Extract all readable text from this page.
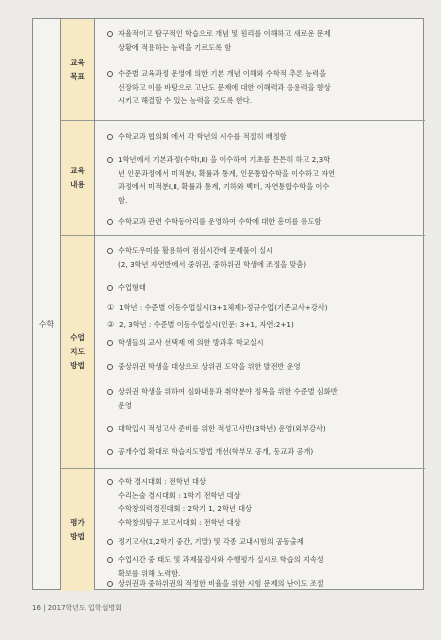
수학
교육
목표
교육
내용
수업
지도
방법
평가
방법
자율적이고 탐구적인 학습으로 개념 및 원리를 이해하고 새로운 문제
상황에 적용하는 능력을 기르도록 함
수준별 교육과정 운영에 의한 기본 개념 이해와 수학적 추론 능력을
신장하고 이를 바탕으로 고난도 문제에 대한 이해력과 응용력을 향상
시키고 해결할 수 있는 능력을 갖도록 한다.
수학교과 협의회 에서 각 학년의 시수를 적절히 배정함
1학년에서 기본과정(수학Ⅰ,Ⅱ) 을 이수하여 기초를 튼튼히 하고 2,3학
년 인문과정에서 미적분Ⅰ, 확률과 통계, 인문통합수학을 이수하고 자연
과정에서 미적분Ⅰ,Ⅱ, 확률과 통계, 기하와 벡터, 자연통합수학을 이수
함.
수학교과 관련 수학동아리를 운영하여 수학에 대한 흥미를 유도함
수학도우미를 활용하여 점심시간에 문제풀이 실시
(2, 3학년 자연반에서 중위권, 중하위권 학생에 조정을 맞춤)
수업형태
① 1학년 : 수준별 이동수업실시(3+1체제)-정규수업(기존교사+강사)
② 2, 3학년 : 수준별 이동수업실시(인문: 3+1, 자연:2+1)
학생들의 교사 선택제 에 의한 방과후 학교실시
중상위권 학생을 대상으로 상위권 도약을 위한 발전반 운영
상위권 학생을 위하여 심화내용과 취약분야 정복을 위한 수준별 심화반
운영
대학입시 적성고사 준비를 위한 적성고사반(3학년) 운영(외부강사)
공개수업 확대로 학습지도방법 개선(학부모 공개, 동교과 공개)
수학 경시대회 : 전학년 대상
수리논술 경시대회 : 1학기 전학년 대상
수학창의력경진대회 : 2학기 1, 2학년 대상
수학창의탐구 보고서대회 : 전학년 대상
정기고사(1,2학기 중간, 기말) 및 각종 교내시험의 공동출제
수업시간 중 태도 및 과제물검사와 수행평가 실시로 학습의 지속성
확보를 위해 노력함.
상위권과 중하위권의 적정한 비율을 위한 시험 문제의 난이도 조절
16 | 2017학년도 입학설명회
